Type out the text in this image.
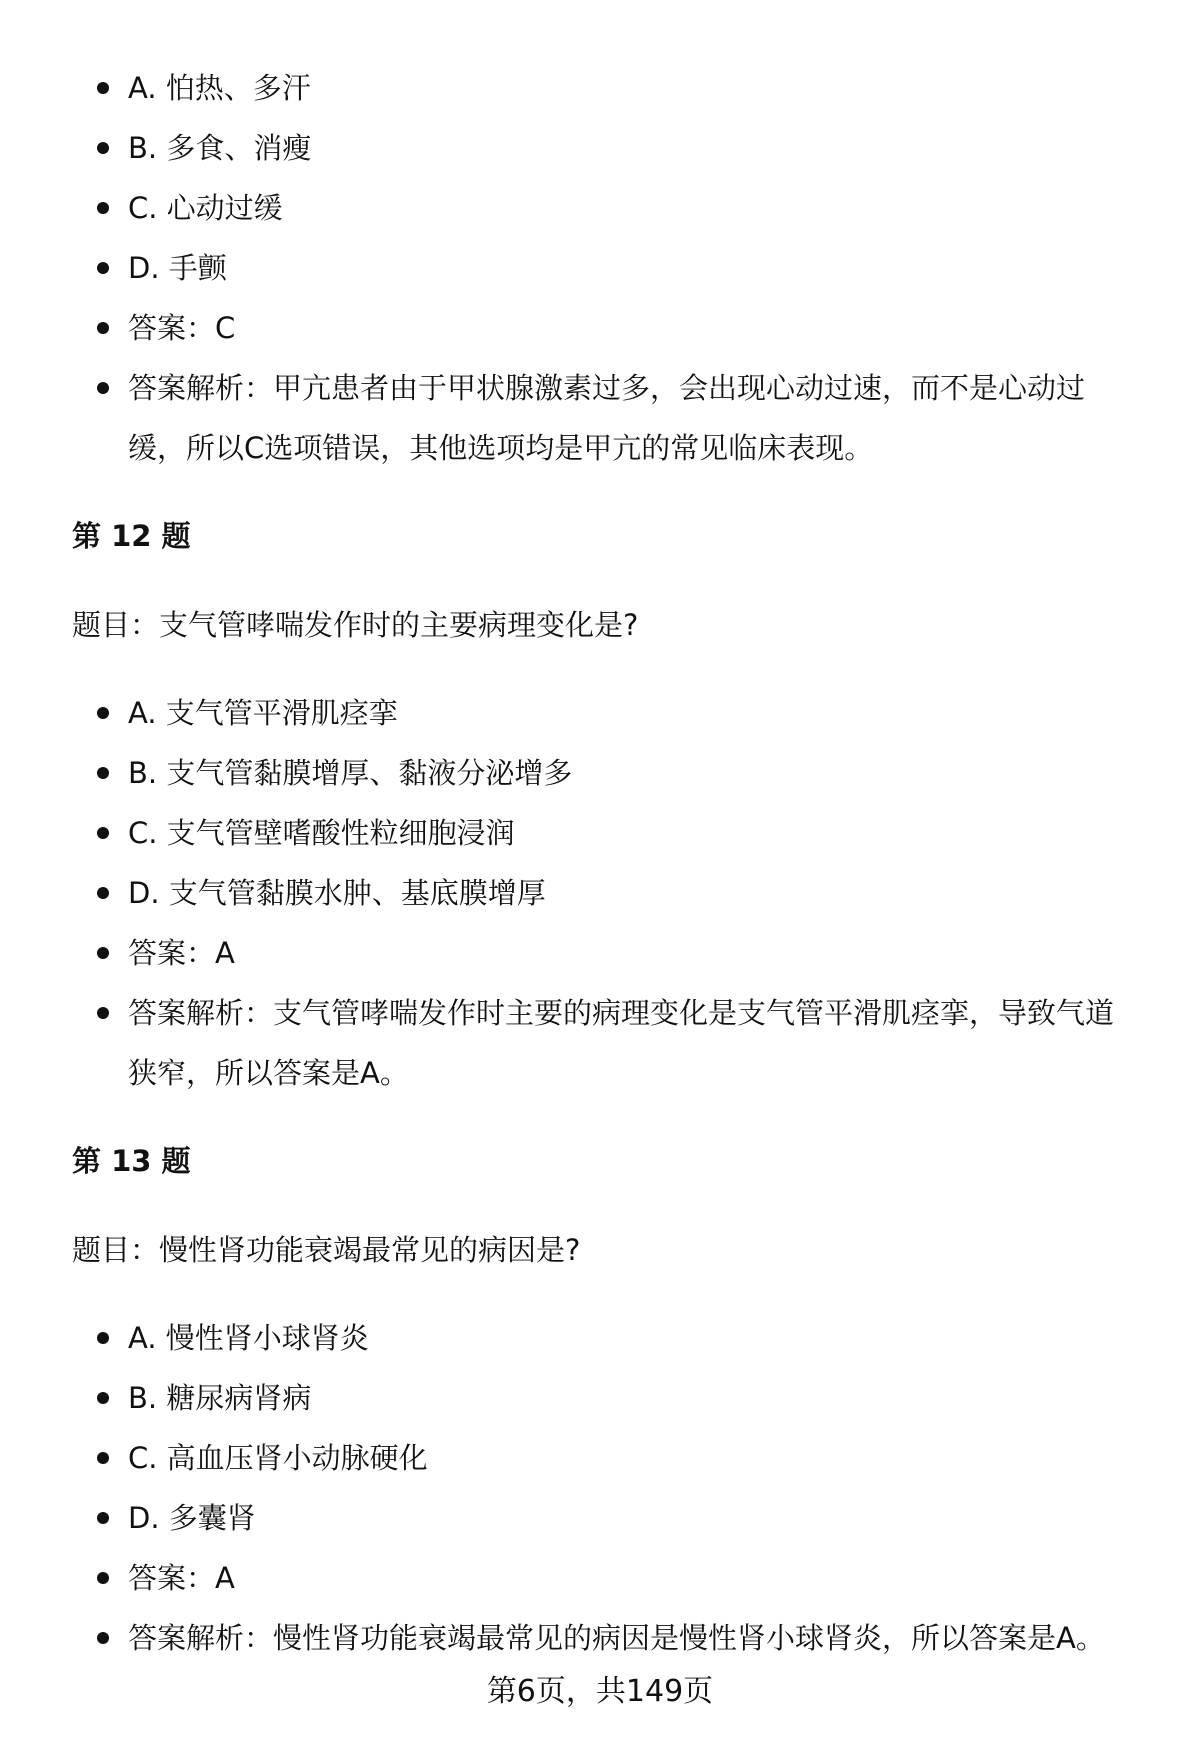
A. 怕热、多汗
B. 多食、消瘦
C. 心动过缓
D. 手颤
答案：C
答案解析：甲亢患者由于甲状腺激素过多，会出现心动过速，而不是心动过缓，所以C选项错误，其他选项均是甲亢的常见临床表现。
第 12 题
题目：支气管哮喘发作时的主要病理变化是?
A. 支气管平滑肌痉挛
B. 支气管黏膜增厚、黏液分泌增多
C. 支气管壁嗜酸性粒细胞浸润
D. 支气管黏膜水肿、基底膜增厚
答案：A
答案解析：支气管哮喘发作时主要的病理变化是支气管平滑肌痉挛，导致气道狭窄，所以答案是A。
第 13 题
题目：慢性肾功能衰竭最常见的病因是?
A. 慢性肾小球肾炎
B. 糖尿病肾病
C. 高血压肾小动脉硬化
D. 多囊肾
答案：A
答案解析：慢性肾功能衰竭最常见的病因是慢性肾小球肾炎，所以答案是A。
第6页，共149页
